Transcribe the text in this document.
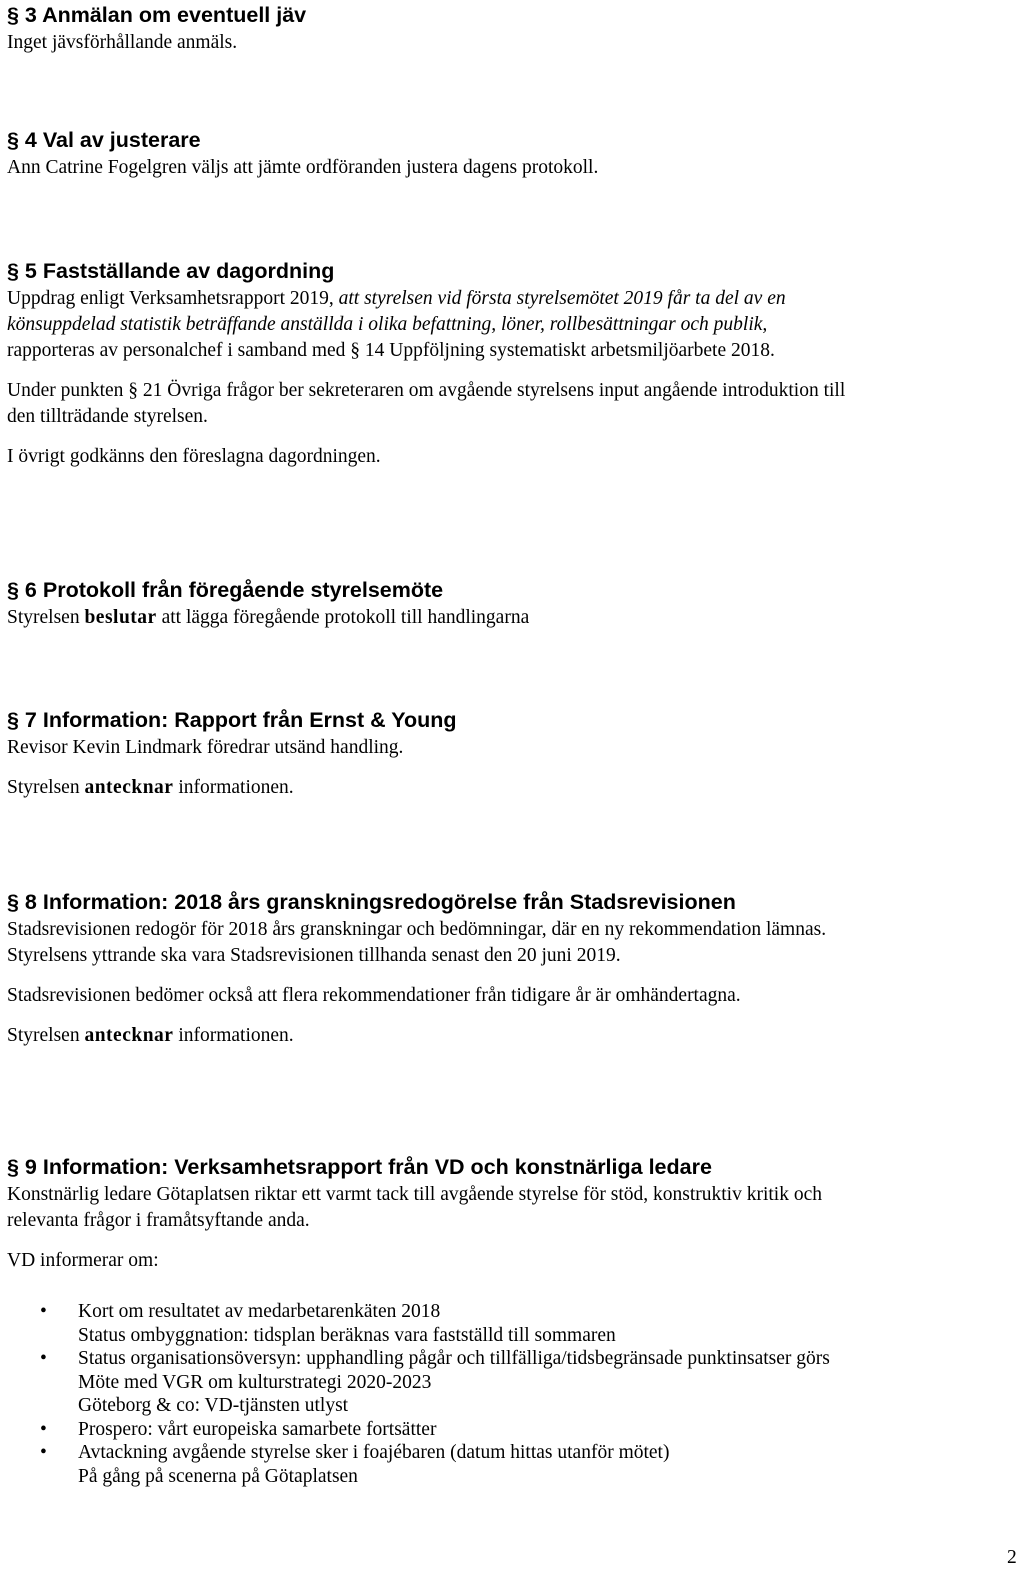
§ 3 Anmälan om eventuell jäv

Inget jävsförhållande anmäls.

§ 4 Val av justerare

Ann Catrine Fogelgren väljs att jämte ordföranden justera dagens protokoll.

§ 5 Fastställande av dagordning

Uppdrag enligt Verksamhetsrapport 2019, att styrelsen vid första styrelsemötet 2019 får ta del av en

könsuppdelad statistik beträffande anställda i olika befattning, löner, rollbesättningar och publik,

rapporteras av personalchef i samband med § 14 Uppföljning systematiskt arbetsmiljöarbete 2018.

Under punkten § 21 Övriga frågor ber sekreteraren om avgående styrelsens input angående introduktion till

den tillträdande styrelsen.

I övrigt godkänns den föreslagna dagordningen.

§ 6 Protokoll från föregående styrelsemöte

Styrelsen beslutar att lägga föregående protokoll till handlingarna

§ 7 Information: Rapport från Ernst & Young

Revisor Kevin Lindmark föredrar utsänd handling.

Styrelsen antecknar informationen.

§ 8 Information: 2018 års granskningsredogörelse från Stadsrevisionen

Stadsrevisionen redogör för 2018 års granskningar och bedömningar, där en ny rekommendation lämnas.

Styrelsens yttrande ska vara Stadsrevisionen tillhanda senast den 20 juni 2019.

Stadsrevisionen bedömer också att flera rekommendationer från tidigare år är omhändertagna.

Styrelsen antecknar informationen.

§ 9 Information: Verksamhetsrapport från VD och konstnärliga ledare

Konstnärlig ledare Götaplatsen riktar ett varmt tack till avgående styrelse för stöd, konstruktiv kritik och

relevanta frågor i framåtsyftande anda.

VD informerar om:

• Kort om resultatet av medarbetarenkäten 2018
Status ombyggnation: tidsplan beräknas vara fastställd till sommaren
• Status organisationsöversyn: upphandling pågår och tillfälliga/tidsbegränsade punktinsatser görs
Möte med VGR om kulturstrategi 2020-2023
Göteborg & co: VD-tjänsten utlyst
• Prospero: vårt europeiska samarbete fortsätter
• Avtackning avgående styrelse sker i foajébaren (datum hittas utanför mötet)
På gång på scenerna på Götaplatsen
2
